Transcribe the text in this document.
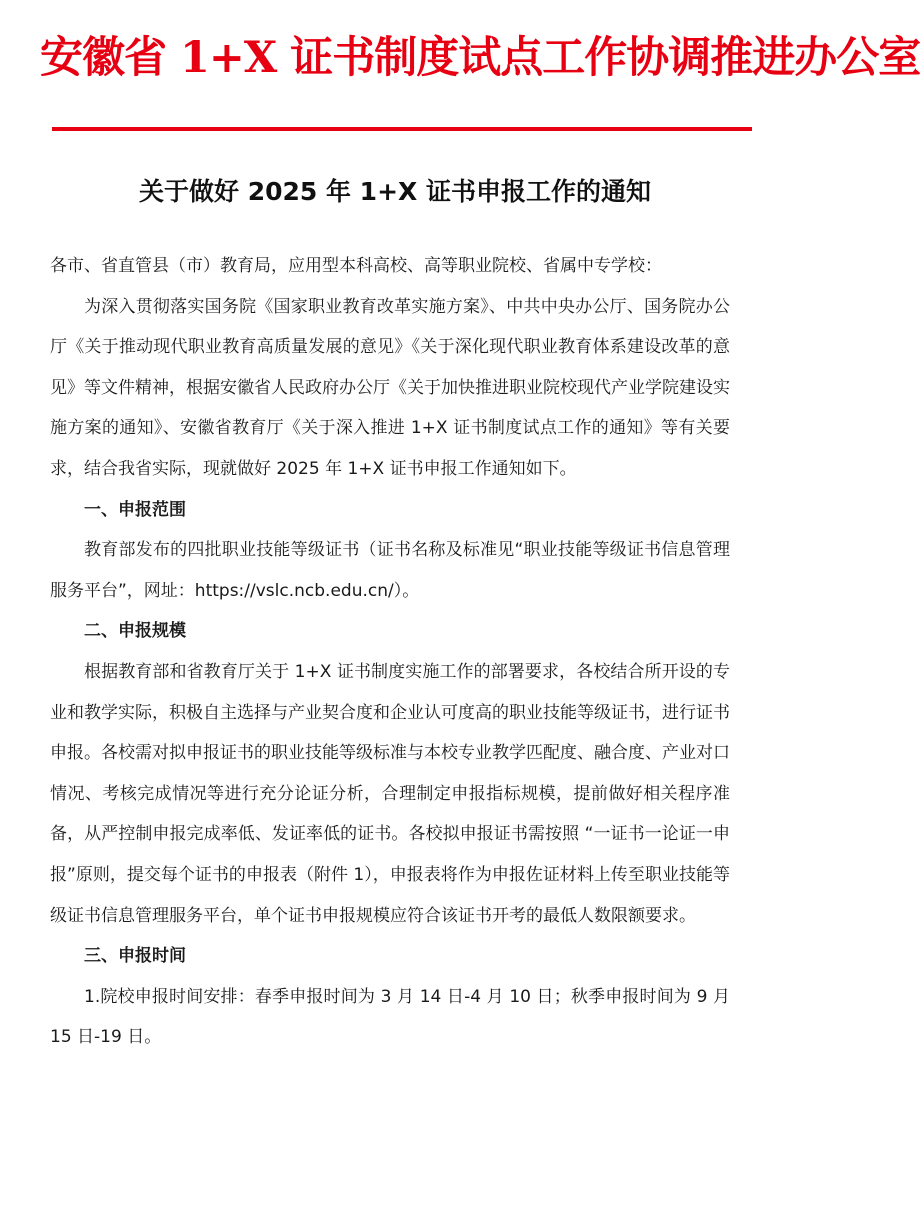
安徽省 1+X 证书制度试点工作协调推进办公室
关于做好 2025 年 1+X 证书申报工作的通知

各市、省直管县（市）教育局，应用型本科高校、高等职业院校、省属中专学校：

为深入贯彻落实国务院《国家职业教育改革实施方案》、中共中央办公厅、国务院办公厅《关于推动现代职业教育高质量发展的意见》《关于深化现代职业教育体系建设改革的意见》等文件精神，根据安徽省人民政府办公厅《关于加快推进职业院校现代产业学院建设实施方案的通知》、安徽省教育厅《关于深入推进 1+X 证书制度试点工作的通知》等有关要求，结合我省实际，现就做好 2025 年 1+X 证书申报工作通知如下。

一、申报范围

教育部发布的四批职业技能等级证书（证书名称及标准见“职业技能等级证书信息管理服务平台”，网址：https://vslc.ncb.edu.cn/）。

二、申报规模

根据教育部和省教育厅关于 1+X 证书制度实施工作的部署要求，各校结合所开设的专业和教学实际，积极自主选择与产业契合度和企业认可度高的职业技能等级证书，进行证书申报。各校需对拟申报证书的职业技能等级标准与本校专业教学匹配度、融合度、产业对口情况、考核完成情况等进行充分论证分析，合理制定申报指标规模，提前做好相关程序准备，从严控制申报完成率低、发证率低的证书。各校拟申报证书需按照 “一证书一论证一申报”原则，提交每个证书的申报表（附件 1），申报表将作为申报佐证材料上传至职业技能等级证书信息管理服务平台，单个证书申报规模应符合该证书开考的最低人数限额要求。

三、申报时间

1.院校申报时间安排：春季申报时间为 3 月 14 日-4 月 10 日；秋季申报时间为 9 月 15 日-19 日。
